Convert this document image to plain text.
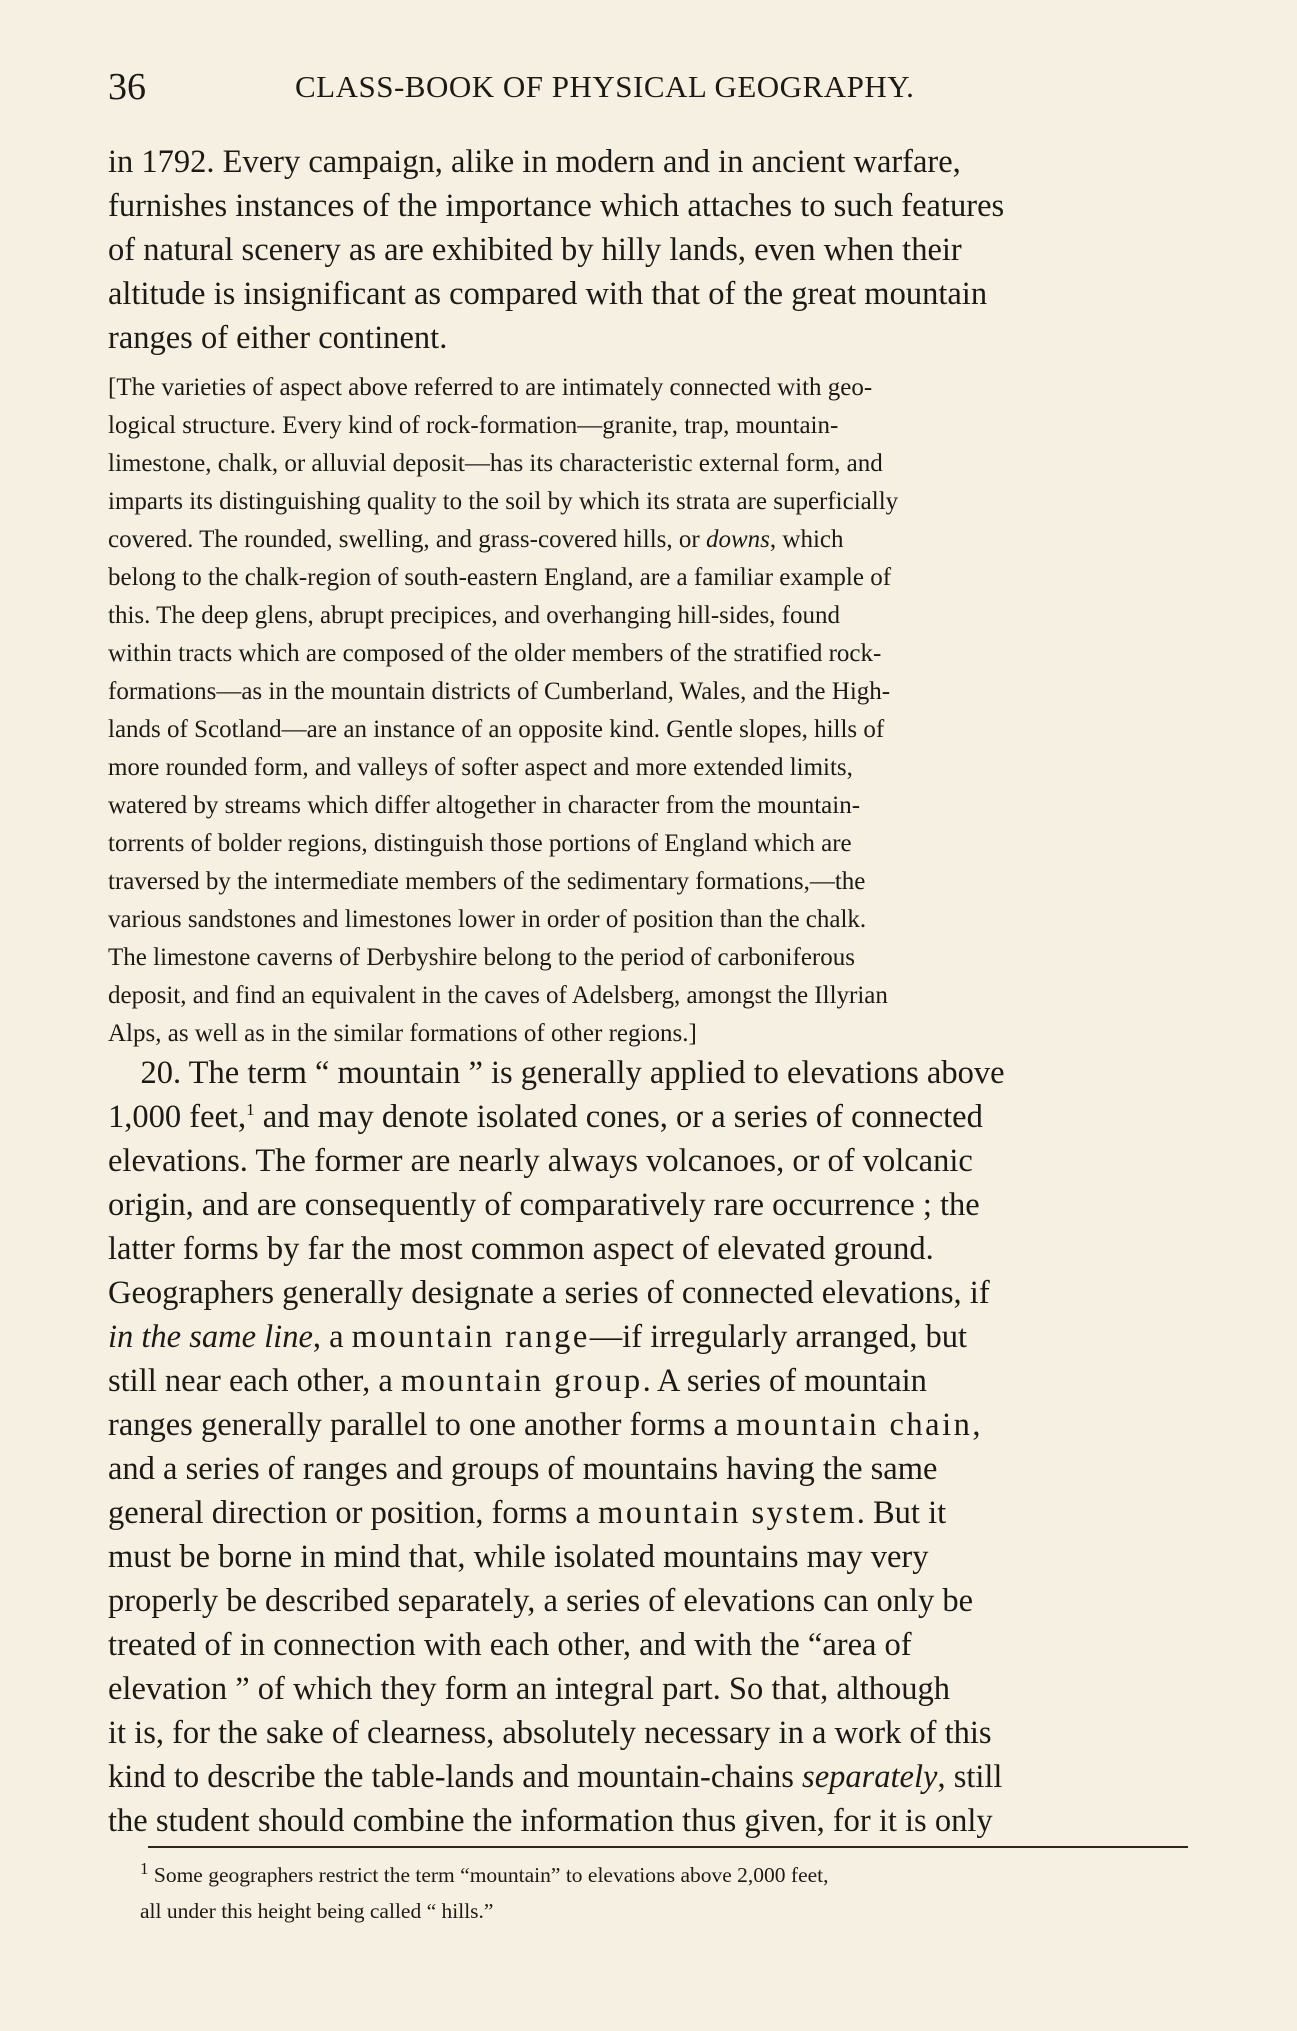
36	CLASS-BOOK OF PHYSICAL GEOGRAPHY.

in 1792. Every campaign, alike in modern and in ancient warfare,
furnishes instances of the importance which attaches to such features
of natural scenery as are exhibited by hilly lands, even when their
altitude is insignificant as compared with that of the great mountain
ranges of either continent.

[The varieties of aspect above referred to are intimately connected with geo-
logical structure. Every kind of rock-formation—granite, trap, mountain-
limestone, chalk, or alluvial deposit—has its characteristic external form, and
imparts its distinguishing quality to the soil by which its strata are superficially
covered. The rounded, swelling, and grass-covered hills, or downs, which
belong to the chalk-region of south-eastern England, are a familiar example of
this. The deep glens, abrupt precipices, and overhanging hill-sides, found
within tracts which are composed of the older members of the stratified rock-
formations—as in the mountain districts of Cumberland, Wales, and the High-
lands of Scotland—are an instance of an opposite kind. Gentle slopes, hills of
more rounded form, and valleys of softer aspect and more extended limits,
watered by streams which differ altogether in character from the mountain-
torrents of bolder regions, distinguish those portions of England which are
traversed by the intermediate members of the sedimentary formations,—the
various sandstones and limestones lower in order of position than the chalk.
The limestone caverns of Derbyshire belong to the period of carboniferous
deposit, and find an equivalent in the caves of Adelsberg, amongst the Illyrian
Alps, as well as in the similar formations of other regions.]

 20. The term “ mountain ” is generally applied to elevations above
1,000 feet,$^1$ and may denote isolated cones, or a series of connected
elevations. The former are nearly always volcanoes, or of volcanic
origin, and are consequently of comparatively rare occurrence ; the
latter forms by far the most common aspect of elevated ground.
Geographers generally designate a series of connected elevations, if
in the same line, a mountain range—if irregularly arranged, but
still near each other, a mountain group. A series of mountain
ranges generally parallel to one another forms a mountain chain,
and a series of ranges and groups of mountains having the same
general direction or position, forms a mountain system. But it
must be borne in mind that, while isolated mountains may very
properly be described separately, a series of elevations can only be
treated of in connection with each other, and with the “area of
elevation ” of which they form an integral part. So that, although
it is, for the sake of clearness, absolutely necessary in a work of this
kind to describe the table-lands and mountain-chains separately, still
the student should combine the information thus given, for it is only

$^1$ Some geographers restrict the term “mountain” to elevations above 2,000 feet,
all under this height being called “ hills.”
